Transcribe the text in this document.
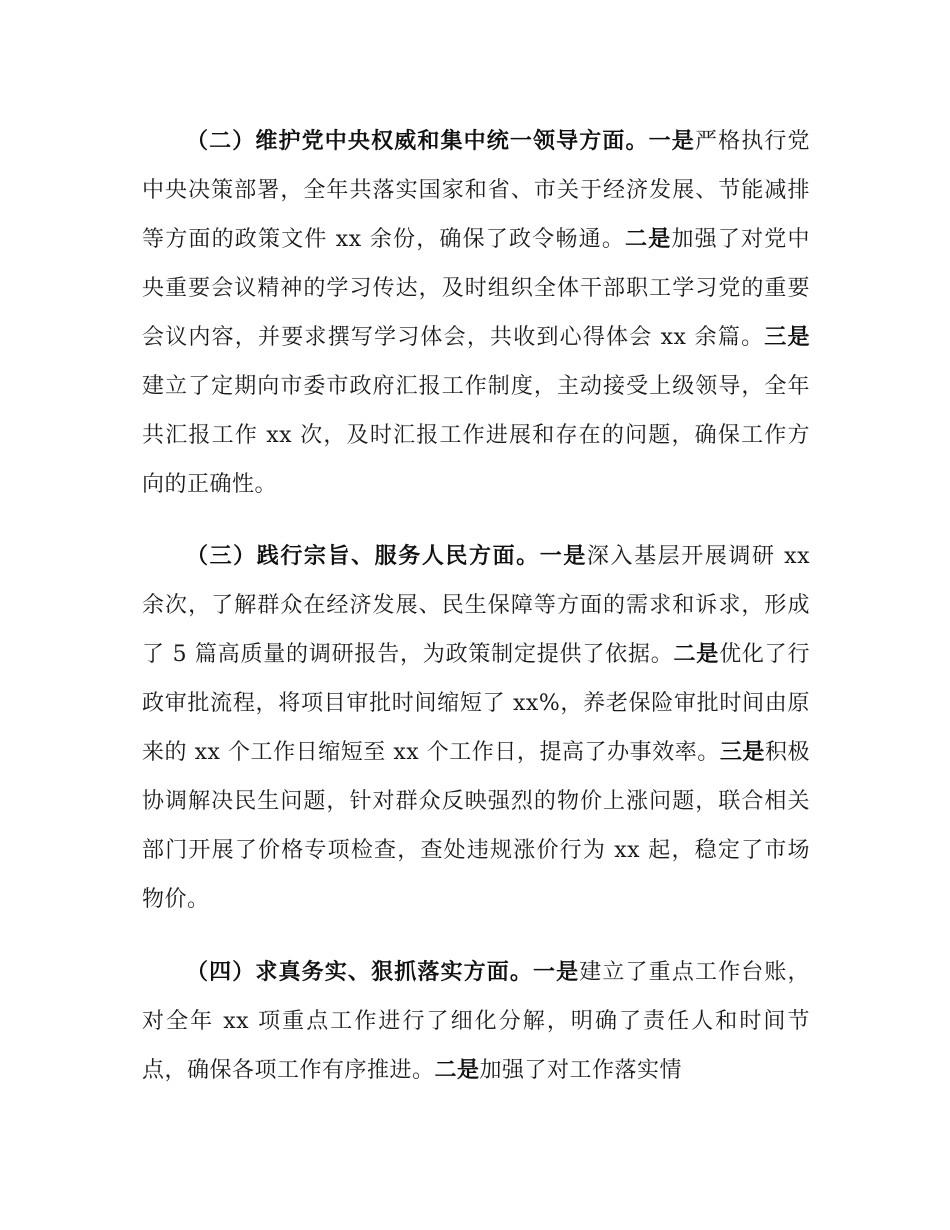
（二）维护党中央权威和集中统一领导方面。一是严格执行党中央决策部署，全年共落实国家和省、市关于经济发展、节能减排等方面的政策文件 xx 余份，确保了政令畅通。二是加强了对党中央重要会议精神的学习传达，及时组织全体干部职工学习党的重要会议内容，并要求撰写学习体会，共收到心得体会 xx 余篇。三是建立了定期向市委市政府汇报工作制度，主动接受上级领导，全年共汇报工作 xx 次，及时汇报工作进展和存在的问题，确保工作方向的正确性。

（三）践行宗旨、服务人民方面。一是深入基层开展调研 xx 余次，了解群众在经济发展、民生保障等方面的需求和诉求，形成了 5 篇高质量的调研报告，为政策制定提供了依据。二是优化了行政审批流程，将项目审批时间缩短了 xx%，养老保险审批时间由原来的 xx 个工作日缩短至 xx 个工作日，提高了办事效率。三是积极协调解决民生问题，针对群众反映强烈的物价上涨问题，联合相关部门开展了价格专项检查，查处违规涨价行为 xx 起，稳定了市场物价。

（四）求真务实、狠抓落实方面。一是建立了重点工作台账，对全年 xx 项重点工作进行了细化分解，明确了责任人和时间节点，确保各项工作有序推进。二是加强了对工作落实情
